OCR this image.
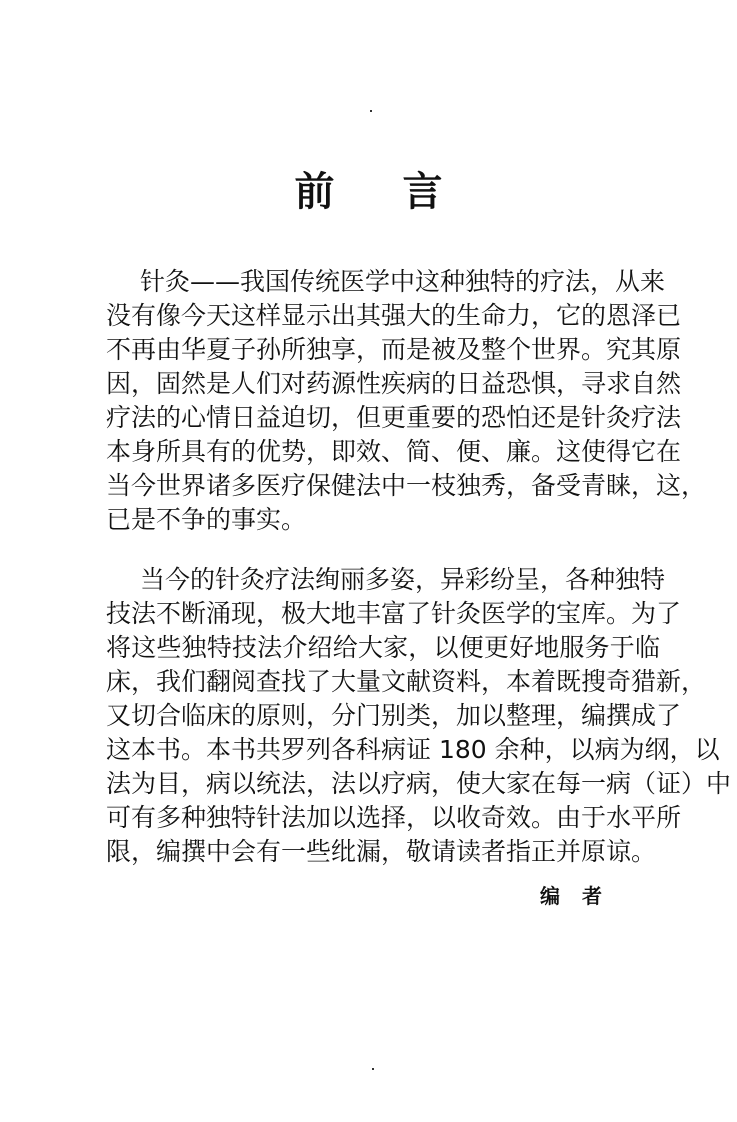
前 言
针灸——我国传统医学中这种独特的疗法，从来
没有像今天这样显示出其强大的生命力，它的恩泽已
不再由华夏子孙所独享，而是被及整个世界。究其原
因，固然是人们对药源性疾病的日益恐惧，寻求自然
疗法的心情日益迫切，但更重要的恐怕还是针灸疗法
本身所具有的优势，即效、简、便、廉。这使得它在
当今世界诸多医疗保健法中一枝独秀，备受青睐，这，
已是不争的事实。
当今的针灸疗法绚丽多姿，异彩纷呈，各种独特
技法不断涌现，极大地丰富了针灸医学的宝库。为了
将这些独特技法介绍给大家，以便更好地服务于临
床，我们翻阅查找了大量文献资料，本着既搜奇猎新，
又切合临床的原则，分门别类，加以整理，编撰成了
这本书。本书共罗列各科病证 180 余种，以病为纲，以
法为目，病以统法，法以疗病，使大家在每一病（证）中
可有多种独特针法加以选择，以收奇效。由于水平所
限，编撰中会有一些纰漏，敬请读者指正并原谅。
编 者
